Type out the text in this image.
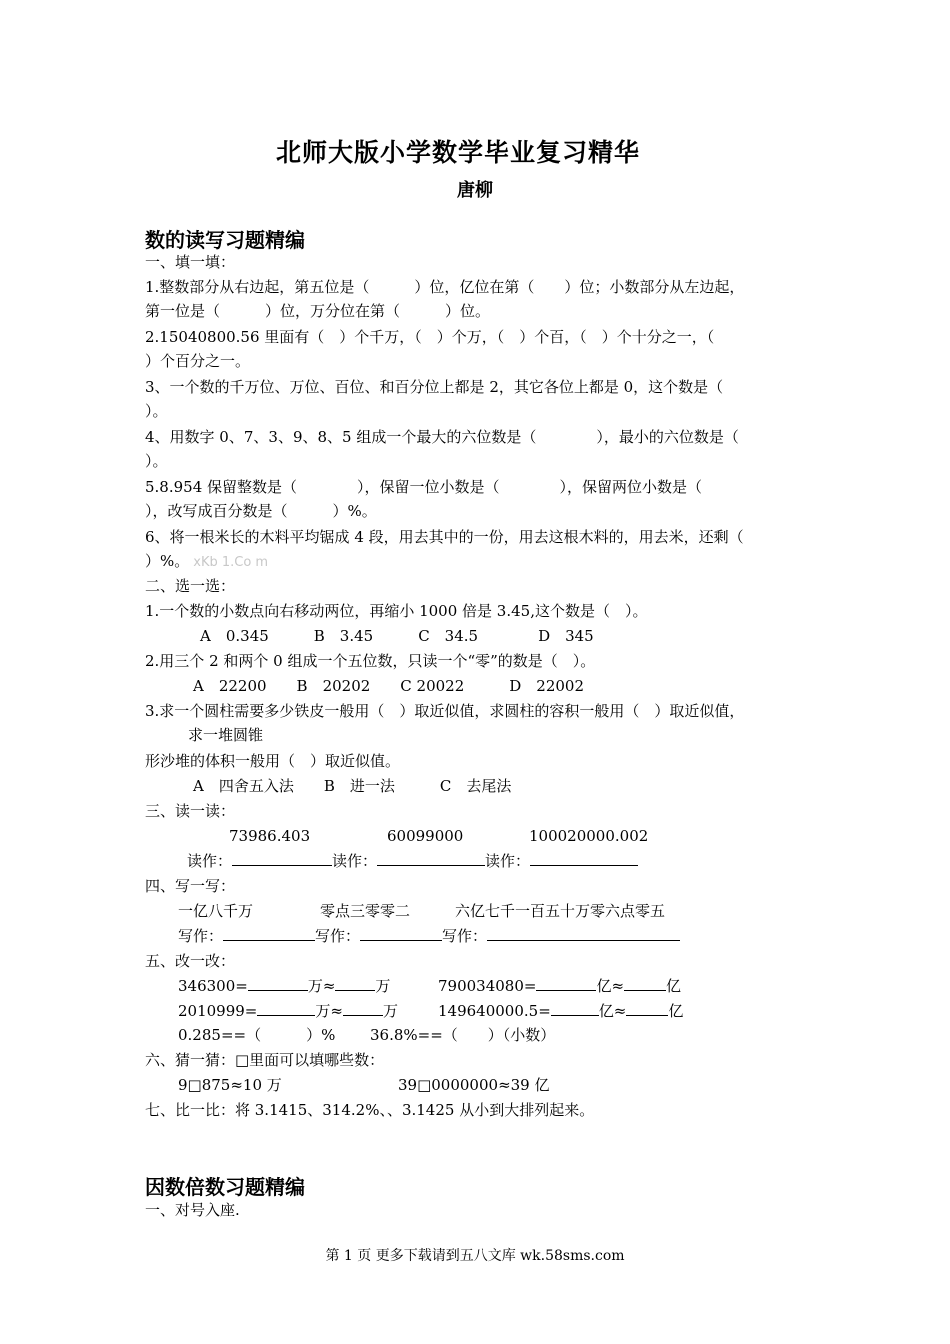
北师大版小学数学毕业复习精华
唐柳
数的读写习题精编
一、填一填：
1.整数部分从右边起，第五位是（　　　）位，亿位在第（　　）位；小数部分从左边起，
第一位是（　　　）位，万分位在第（　　　）位。
2.15040800.56 里面有（　）个千万，（　）个万，（　）个百，（　）个十分之一，（
）个百分之一。
3、一个数的千万位、万位、百位、和百分位上都是 2，其它各位上都是 0，这个数是（
）。
4、用数字 0、7、3、9、8、5 组成一个最大的六位数是（　　　　），最小的六位数是（
）。
5.8.954 保留整数是（　　　　），保留一位小数是（　　　　），保留两位小数是（
），改写成百分数是（　　　）%。
6、将一根米长的木料平均锯成 4 段，用去其中的一份，用去这根木料的，用去米，还剩（
）%。 xKb 1.Co m
二、选一选：
1.一个数的小数点向右移动两位，再缩小 1000 倍是 3.45,这个数是（　）。
A　0.345　　　B　3.45　　　C　34.5　　　　D　345
2.用三个 2 和两个 0 组成一个五位数，只读一个“零”的数是（　）。
A　22200　　B　20202　　C 20022　　　D　22002
3.求一个圆柱需要多少铁皮一般用（　）取近似值，求圆柱的容积一般用（　）取近似值，
求一堆圆锥
形沙堆的体积一般用（　）取近似值。
A　四舍五入法　　B　进一法　　　C　去尾法
三、读一读：
73986.403	60099000	100020000.002
读作：	读作：	读作：
四、写一写：
一亿八千万	零点三零零二	六亿七千一百五十万零六点零五
写作：	写作：	写作：
五、改一改：
346300=	万≈	万	790034080=	亿≈	亿
2010999=	万≈	万	149640000.5=	亿≈	亿
0.285==（　　　）% 36.8%==（　　）（小数）
六、猜一猜：□里面可以填哪些数：
9□875≈10 万	39□0000000≈39 亿
七、比一比：将 3.1415、314.2%、、3.1425 从小到大排列起来。
因数倍数习题精编
一、对号入座.
第 1 页 更多下载请到五八文库 wk.58sms.com
